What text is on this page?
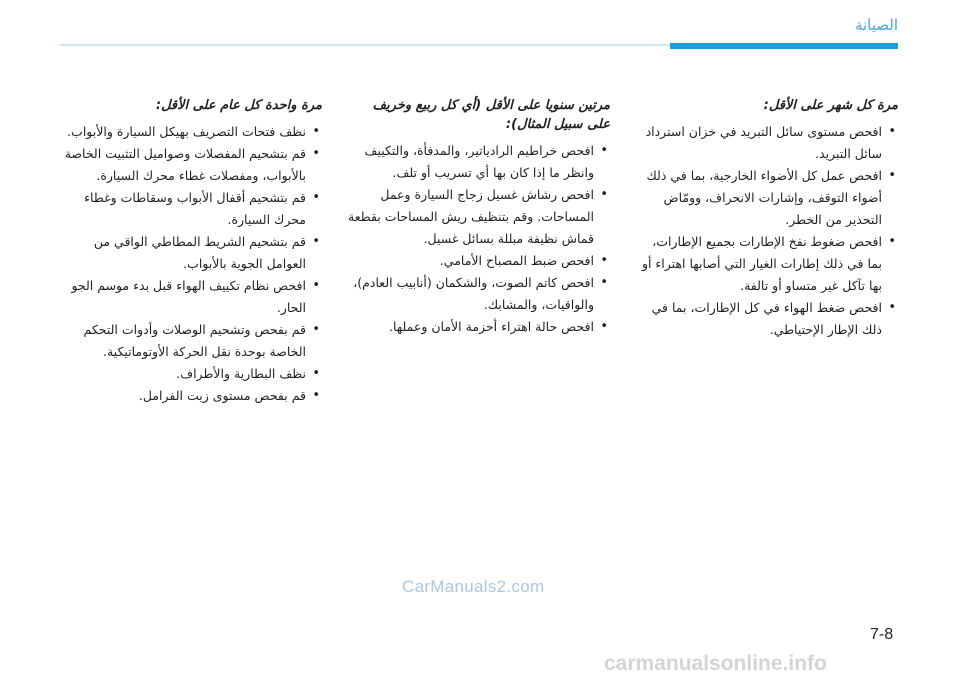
الصيانة

مرة كل شهر على الأقل:

• افحص مستوى سائل التبريد في خزان استرداد سائل التبريد.
• افحص عمل كل الأضواء الخارجية، بما في ذلك أضواء التوقف، وإشارات الانحراف، وومّاض التحذير من الخطر.
• افحص ضغوط نفخ الإطارات بجميع الإطارات، بما في ذلك إطارات الغيار التي أصابها اهتراء أو بها تآكل غير متساو أو تالفة.
• افحص ضغط الهواء في كل الإطارات، بما في ذلك الإطار الإحتياطي.

مرتين سنويا على الأقل (أي كل ربيع وخريف على سبيل المثال):

• افحص خراطيم الرادياتير، والمدفأة، والتكييف وانظر ما إذا كان بها أي تسريب أو تلف.
• افحص رشاش غسيل زجاج السيارة وعمل المساحات. وقم بتنظيف ريش المساحات بقطعة قماش نظيفة مبللة بسائل غسيل.
• افحص ضبط المصباح الأمامي.
• افحص كاتم الصوت، والشكمان (أنابيب العادم)، والواقيات، والمشابك.
• افحص حالة اهتراء أحزمة الأمان وعملها.

مرة واحدة كل عام على الأقل:

• نظف فتحات التصريف بهيكل السيارة والأبواب.
• قم بتشحيم المفصلات وصواميل التثبيت الخاصة بالأبواب، ومفصلات غطاء محرك السيارة.
• قم بتشحيم أقفال الأبواب وسقاطات وغطاء محرك السيارة.
• قم بتشحيم الشريط المطاطي الواقي من العوامل الجوية بالأبواب.
• افحص نظام تكييف الهواء قبل بدء موسم الجو الحار.
• قم بفحص وتشحيم الوصلات وأدوات التحكم الخاصة بوحدة نقل الحركة الأوتوماتيكية.
• نظف البطارية والأطراف.
• قم بفحص مستوى زيت الفرامل.
CarManuals2.com
7-8
carmanualsonline.info
